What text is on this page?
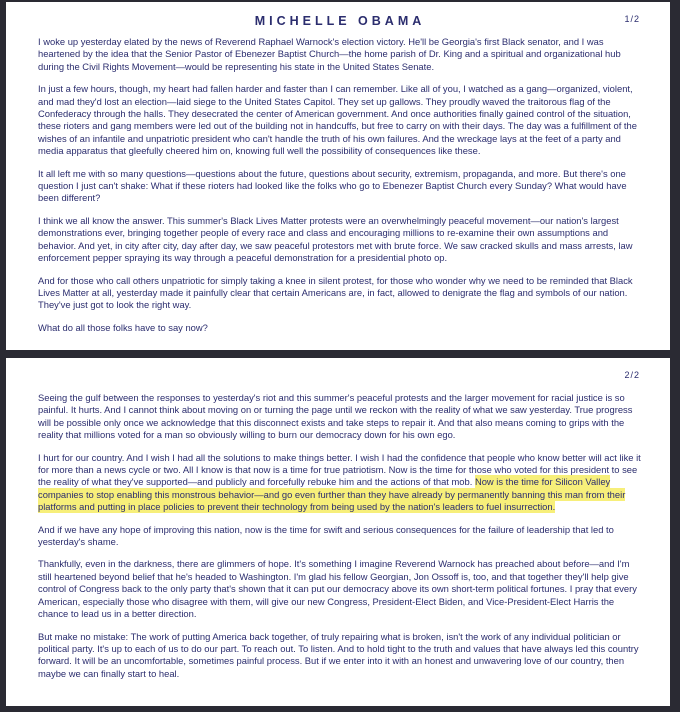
MICHELLE OBAMA	1/2

I woke up yesterday elated by the news of Reverend Raphael Warnock's election victory. He'll be Georgia's first Black senator, and I was heartened by the idea that the Senior Pastor of Ebenezer Baptist Church—the home parish of Dr. King and a spiritual and organizational hub during the Civil Rights Movement—would be representing his state in the United States Senate.

In just a few hours, though, my heart had fallen harder and faster than I can remember. Like all of you, I watched as a gang—organized, violent, and mad they'd lost an election—laid siege to the United States Capitol. They set up gallows. They proudly waved the traitorous flag of the Confederacy through the halls. They desecrated the center of American government. And once authorities finally gained control of the situation, these rioters and gang members were led out of the building not in handcuffs, but free to carry on with their days. The day was a fulfillment of the wishes of an infantile and unpatriotic president who can't handle the truth of his own failures. And the wreckage lays at the feet of a party and media apparatus that gleefully cheered him on, knowing full well the possibility of consequences like these.

It all left me with so many questions—questions about the future, questions about security, extremism, propaganda, and more. But there's one question I just can't shake: What if these rioters had looked like the folks who go to Ebenezer Baptist Church every Sunday? What would have been different?

I think we all know the answer. This summer's Black Lives Matter protests were an overwhelmingly peaceful movement—our nation's largest demonstrations ever, bringing together people of every race and class and encouraging millions to re-examine their own assumptions and behavior. And yet, in city after city, day after day, we saw peaceful protestors met with brute force. We saw cracked skulls and mass arrests, law enforcement pepper spraying its way through a peaceful demonstration for a presidential photo op.

And for those who call others unpatriotic for simply taking a knee in silent protest, for those who wonder why we need to be reminded that Black Lives Matter at all, yesterday made it painfully clear that certain Americans are, in fact, allowed to denigrate the flag and symbols of our nation. They've just got to look the right way.

What do all those folks have to say now?

2/2

Seeing the gulf between the responses to yesterday's riot and this summer's peaceful protests and the larger movement for racial justice is so painful. It hurts. And I cannot think about moving on or turning the page until we reckon with the reality of what we saw yesterday. True progress will be possible only once we acknowledge that this disconnect exists and take steps to repair it. And that also means coming to grips with the reality that millions voted for a man so obviously willing to burn our democracy down for his own ego.

I hurt for our country. And I wish I had all the solutions to make things better. I wish I had the confidence that people who know better will act like it for more than a news cycle or two. All I know is that now is a time for true patriotism. Now is the time for those who voted for this president to see the reality of what they've supported—and publicly and forcefully rebuke him and the actions of that mob. Now is the time for Silicon Valley companies to stop enabling this monstrous behavior—and go even further than they have already by permanently banning this man from their platforms and putting in place policies to prevent their technology from being used by the nation's leaders to fuel insurrection.

And if we have any hope of improving this nation, now is the time for swift and serious consequences for the failure of leadership that led to yesterday's shame.

Thankfully, even in the darkness, there are glimmers of hope. It's something I imagine Reverend Warnock has preached about before—and I'm still heartened beyond belief that he's headed to Washington. I'm glad his fellow Georgian, Jon Ossoff is, too, and that together they'll help give control of Congress back to the only party that's shown that it can put our democracy above its own short-term political fortunes. I pray that every American, especially those who disagree with them, will give our new Congress, President-Elect Biden, and Vice-President-Elect Harris the chance to lead us in a better direction.

But make no mistake: The work of putting America back together, of truly repairing what is broken, isn't the work of any individual politician or political party. It's up to each of us to do our part. To reach out. To listen. And to hold tight to the truth and values that have always led this country forward. It will be an uncomfortable, sometimes painful process. But if we enter into it with an honest and unwavering love of our country, then maybe we can finally start to heal.
